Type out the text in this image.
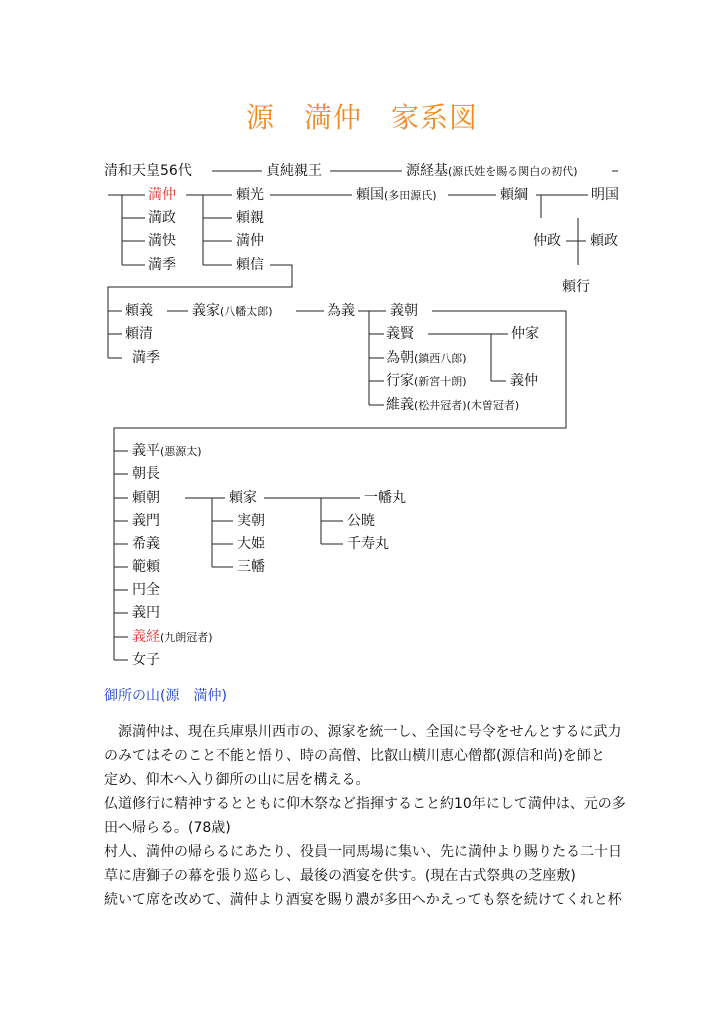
源　満仲　家系図
清和天皇56代	貞純親王	源経基(源氏姓を賜る関白の初代)
満仲
満政
満快
満季
頼光
頼親
満仲
頼信
頼国(多田源氏)	頼綱	明国
仲政 頼政
頼行
頼義
頼清
満季
義家(八幡太郎)	為義	義朝
義賢
為朝(鎮西八郎)
行家(新宮十朗)
維義(松井冠者)(木曽冠者)
仲家
義仲
義平(悪源太)
朝長
頼朝
義門
希義
範頼
円全
義円
義経(九朗冠者)
女子
頼家
実朝
大姫
三幡
一幡丸
公暁
千寿丸
御所の山(源　満仲)
　源満仲は、現在兵庫県川西市の、源家を統一し、全国に号令をせんとするに武力
のみてはそのこと不能と悟り、時の高僧、比叡山横川恵心僧都(源信和尚)を師と
定め、仰木へ入り御所の山に居を構える。
仏道修行に精神するとともに仰木祭など指揮すること約10年にして満仲は、元の多
田へ帰らる。(78歳)
村人、満仲の帰らるにあたり、役員一同馬場に集い、先に満仲より賜りたる二十日
草に唐獅子の幕を張り巡らし、最後の酒宴を供す。(現在古式祭典の芝座敷)
続いて席を改めて、満仲より酒宴を賜り濃が多田へかえっても祭を続けてくれと杯
